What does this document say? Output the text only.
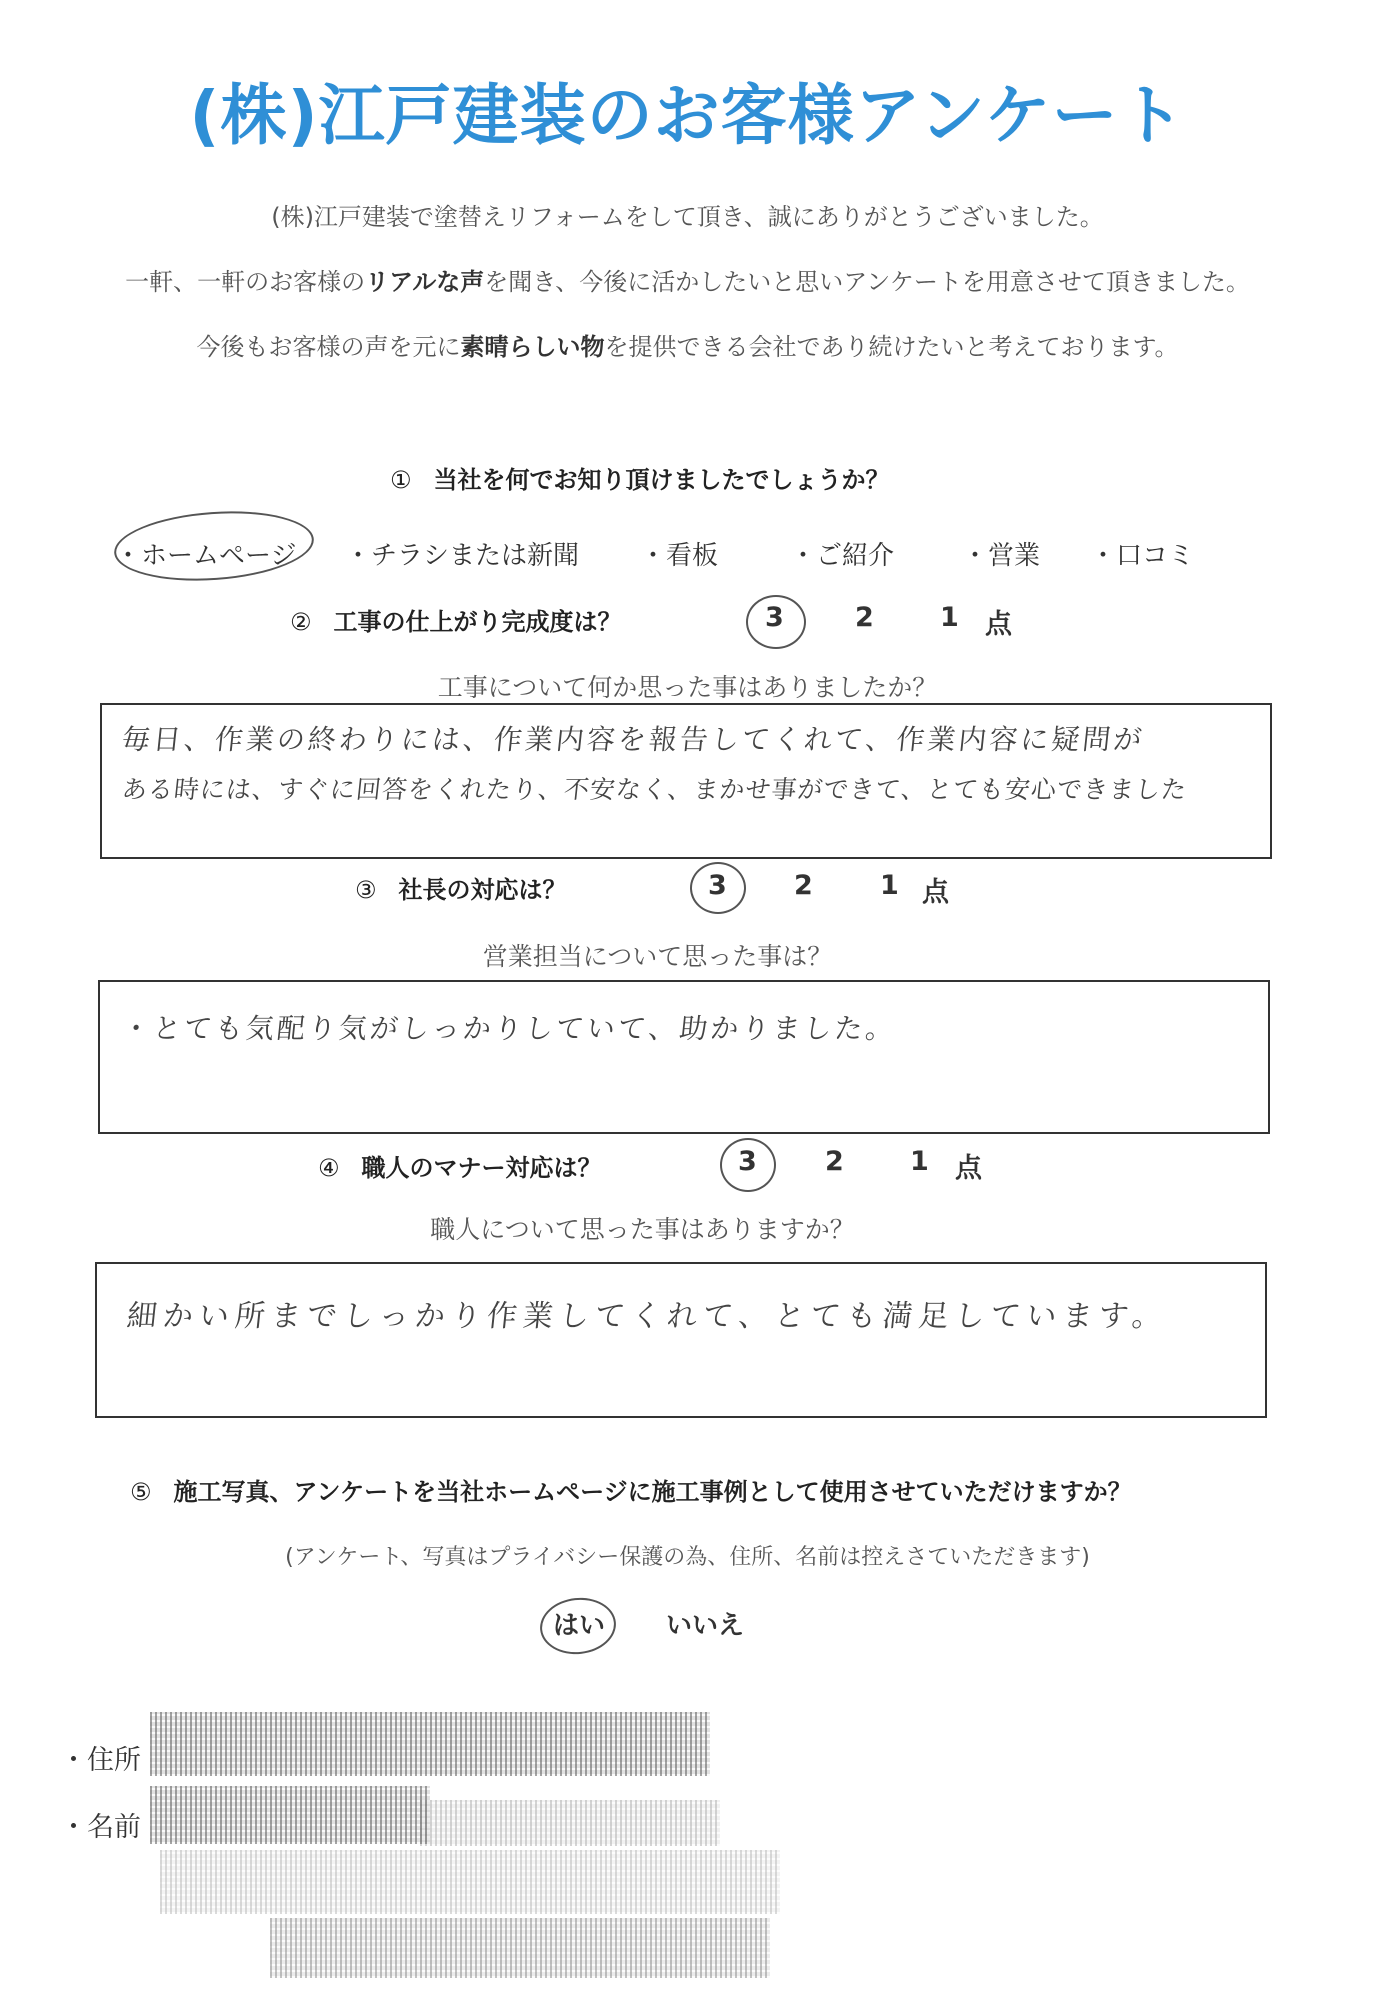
(株)江戸建装のお客様アンケート
(株)江戸建装で塗替えリフォームをして頂き、誠にありがとうございました。
一軒、一軒のお客様のリアルな声を聞き、今後に活かしたいと思いアンケートを用意させて頂きました。
今後もお客様の声を元に素晴らしい物を提供できる会社であり続けたいと考えております。
① 当社を何でお知り頂けましたでしょうか？
・ホームページ ・チラシまたは新聞 ・看板	・ご紹介	・営業 ・口コミ
② 工事の仕上がり完成度は？	3	2 1 点
工事について何か思った事はありましたか？
毎日、作業の終わりには、作業内容を報告してくれて、作業内容に疑問が
ある時には、すぐに回答をくれたり、不安なく、まかせ事ができて、とても安心できました
③ 社長の対応は？	3 2 1 点
営業担当について思った事は？
・とても気配り気がしっかりしていて、助かりました。
④ 職人のマナー対応は？	3	2 1 点
職人について思った事はありますか？
細かい所までしっかり作業してくれて、とても満足しています。
⑤ 施工写真、アンケートを当社ホームページに施工事例として使用させていただけますか？
(アンケート、写真はプライバシー保護の為、住所、名前は控えさていただきます)
はい いいえ
・住所
・名前
